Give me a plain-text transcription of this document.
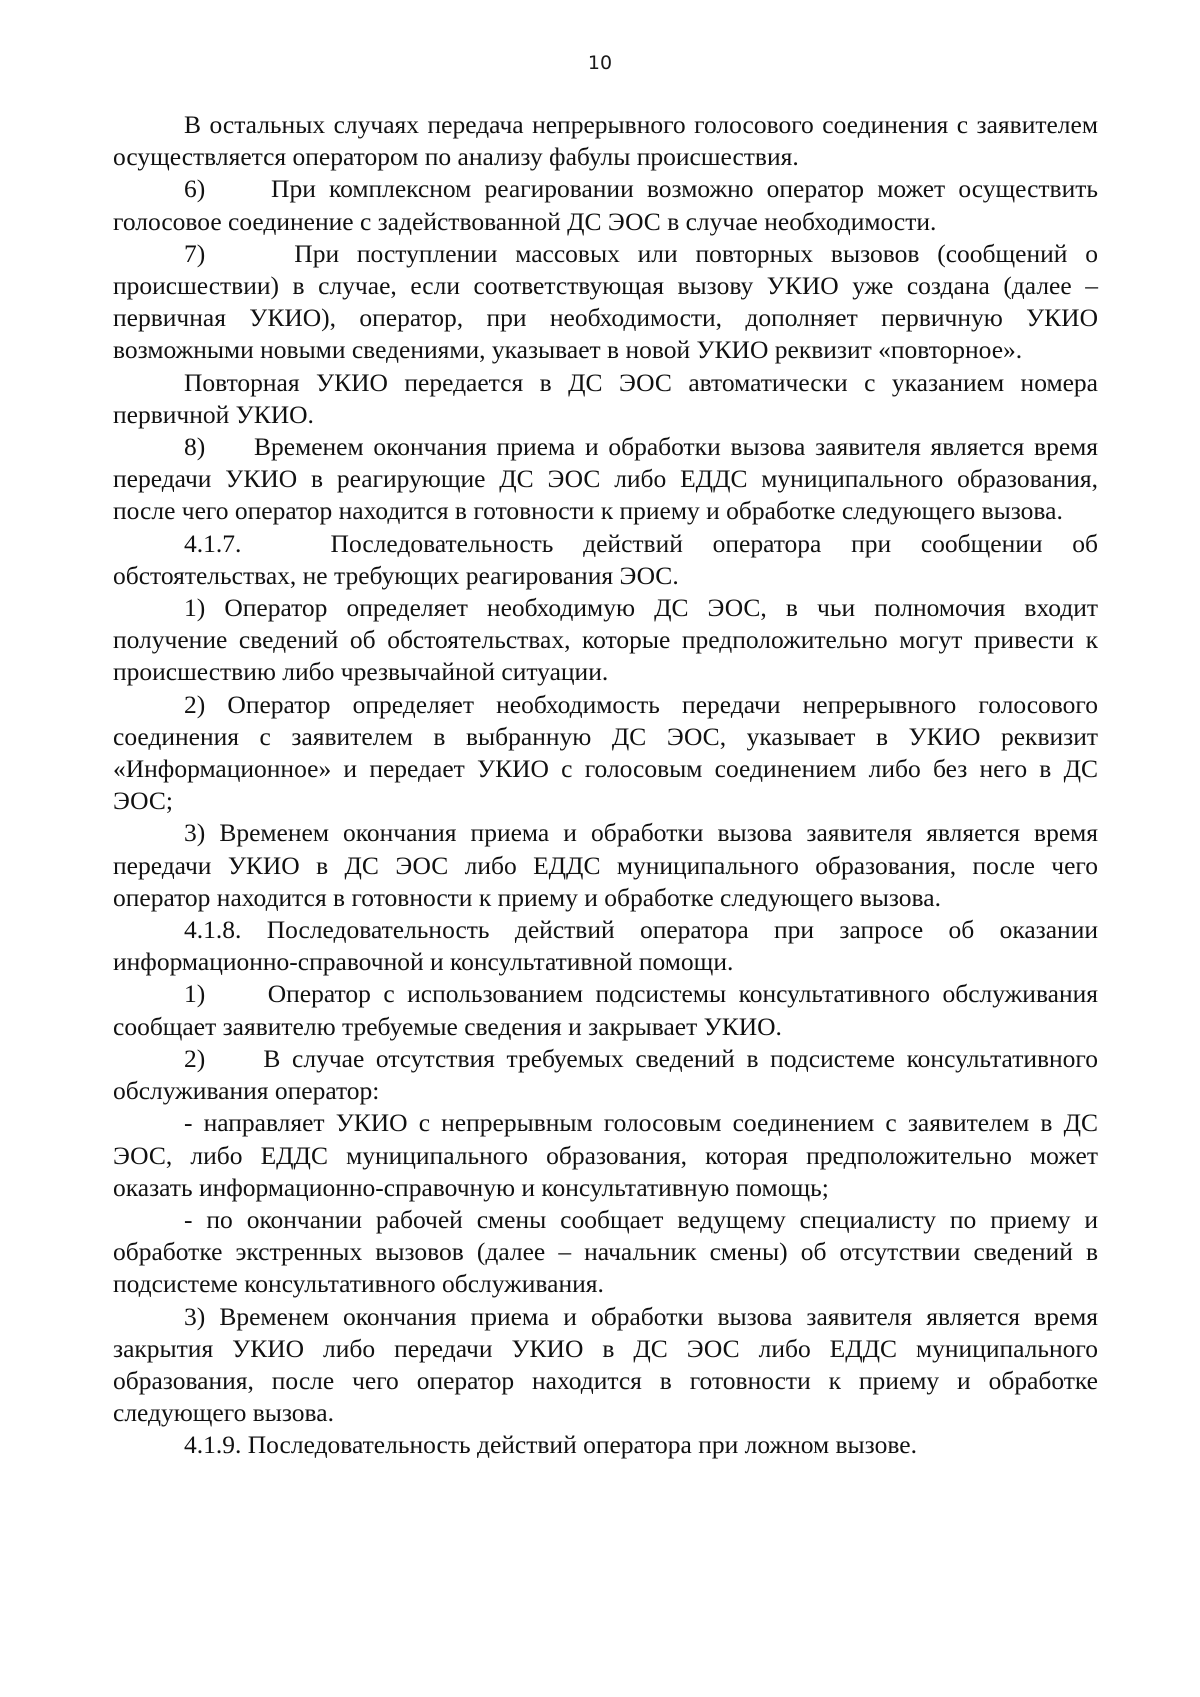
10

В остальных случаях передача непрерывного голосового соединения с заявителем осуществляется оператором по анализу фабулы происшествия.

6)     При комплексном реагировании возможно оператор может осуществить голосовое соединение с задействованной ДС ЭОС в случае необходимости.

7)     При поступлении массовых или повторных вызовов (сообщений о происшествии) в случае, если соответствующая вызову УКИО уже создана (далее – первичная УКИО), оператор, при необходимости, дополняет первичную УКИО возможными новыми сведениями, указывает в новой УКИО реквизит «повторное».

Повторная УКИО передается в ДС ЭОС автоматически с указанием номера первичной УКИО.

8)     Временем окончания приема и обработки вызова заявителя является время передачи УКИО в реагирующие ДС ЭОС либо ЕДДС муниципального образования, после чего оператор находится в готовности к приему и обработке следующего вызова.

4.1.7.   Последовательность действий оператора при сообщении об обстоятельствах, не требующих реагирования ЭОС.

1) Оператор определяет необходимую ДС ЭОС, в чьи полномочия входит получение сведений об обстоятельствах, которые предположительно могут привести к происшествию либо чрезвычайной ситуации.

2) Оператор определяет необходимость передачи непрерывного голосового соединения с заявителем в выбранную ДС ЭОС, указывает в УКИО реквизит «Информационное» и передает УКИО с голосовым соединением либо без него в ДС ЭОС;

3) Временем окончания приема и обработки вызова заявителя является время передачи УКИО в ДС ЭОС либо ЕДДС муниципального образования, после чего оператор находится в готовности к приему и обработке следующего вызова.

4.1.8. Последовательность действий оператора при запросе об оказании информационно-справочной и консультативной помощи.

1)     Оператор с использованием подсистемы консультативного обслуживания сообщает заявителю требуемые сведения и закрывает УКИО.

2)     В случае отсутствия требуемых сведений в подсистеме консультативного обслуживания оператор:

- направляет УКИО с непрерывным голосовым соединением с заявителем в ДС ЭОС, либо ЕДДС муниципального образования, которая предположительно может оказать информационно-справочную и консультативную помощь;

- по окончании рабочей смены сообщает ведущему специалисту по приему и обработке экстренных вызовов (далее – начальник смены) об отсутствии сведений в подсистеме консультативного обслуживания.

3) Временем окончания приема и обработки вызова заявителя является время закрытия УКИО либо передачи УКИО в ДС ЭОС либо ЕДДС муниципального образования, после чего оператор находится в готовности к приему и обработке следующего вызова.

4.1.9. Последовательность действий оператора при ложном вызове.
